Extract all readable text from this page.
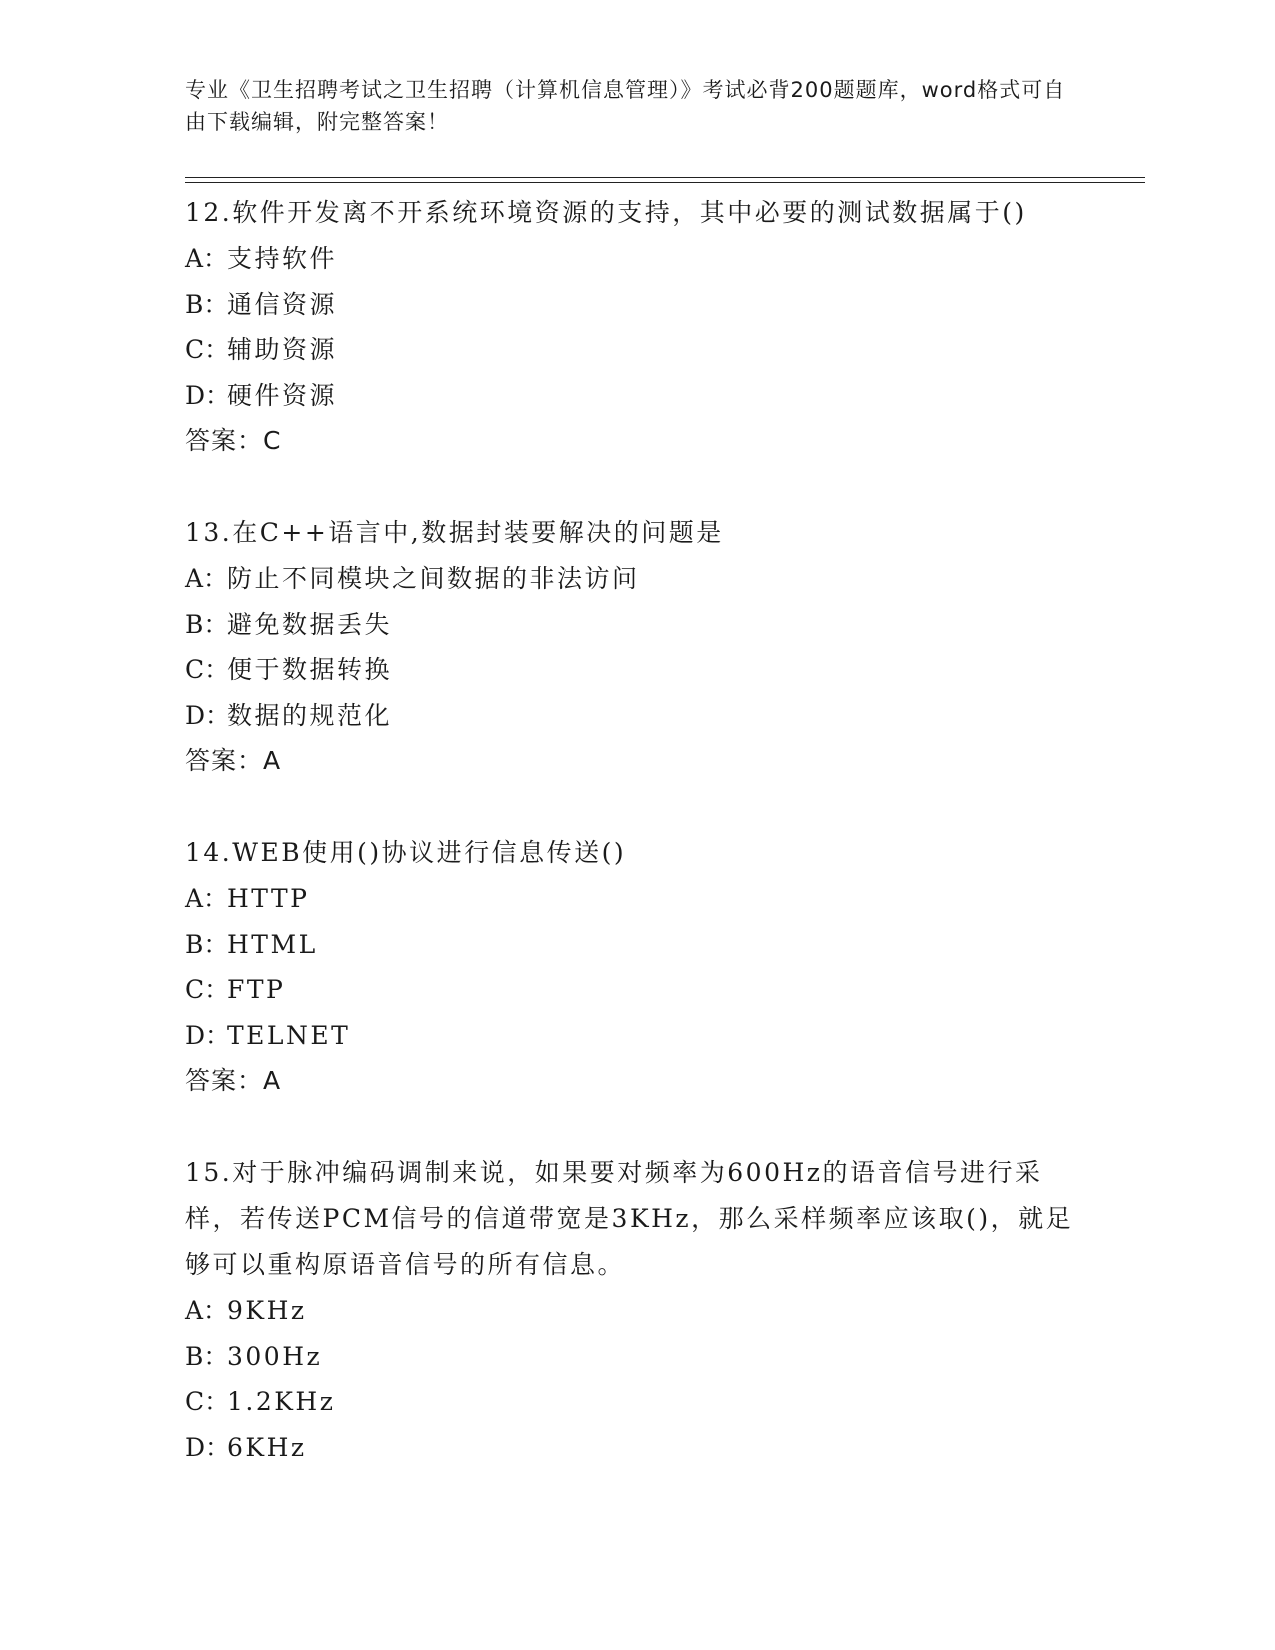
专业《卫生招聘考试之卫生招聘（计算机信息管理）》考试必背200题题库，word格式可自由下载编辑，附完整答案！

12.软件开发离不开系统环境资源的支持，其中必要的测试数据属于()

A：支持软件

B：通信资源

C：辅助资源

D：硬件资源

答案：C

13.在C++语言中,数据封装要解决的问题是

A：防止不同模块之间数据的非法访问

B：避免数据丢失

C：便于数据转换

D：数据的规范化

答案：A

14.WEB使用()协议进行信息传送()

A：HTTP

B：HTML

C：FTP

D：TELNET

答案：A

15.对于脉冲编码调制来说，如果要对频率为600Hz的语音信号进行采样，若传送PCM信号的信道带宽是3KHz，那么采样频率应该取()，就足够可以重构原语音信号的所有信息。

A：9KHz

B：300Hz

C：1.2KHz

D：6KHz
